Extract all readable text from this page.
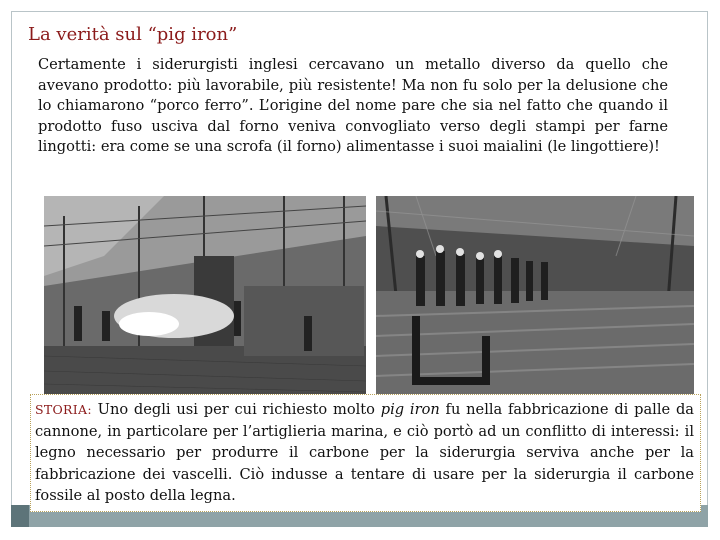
La verità sul “pig iron”
Certamente i siderurgisti inglesi cercavano un metallo diverso da quello che avevano prodotto: più lavorabile, più resistente! Ma non fu solo per la delusione che lo chiamarono “porco ferro”. L’origine del nome pare che sia nel fatto che quando il prodotto fuso usciva dal forno veniva convogliato verso degli stampi per farne lingotti: era come se una scrofa (il forno) alimentasse i suoi maialini (le lingottiere)!
STORIA: Uno degli usi per cui richiesto molto pig iron fu nella fabbricazione di palle da cannone, in particolare per l’artiglieria marina, e ciò portò ad un conflitto di interessi: il legno necessario per produrre il carbone per la siderurgia serviva anche per la fabbricazione dei vascelli. Ciò indusse a tentare di usare per la siderurgia il carbone fossile al posto della legna.
